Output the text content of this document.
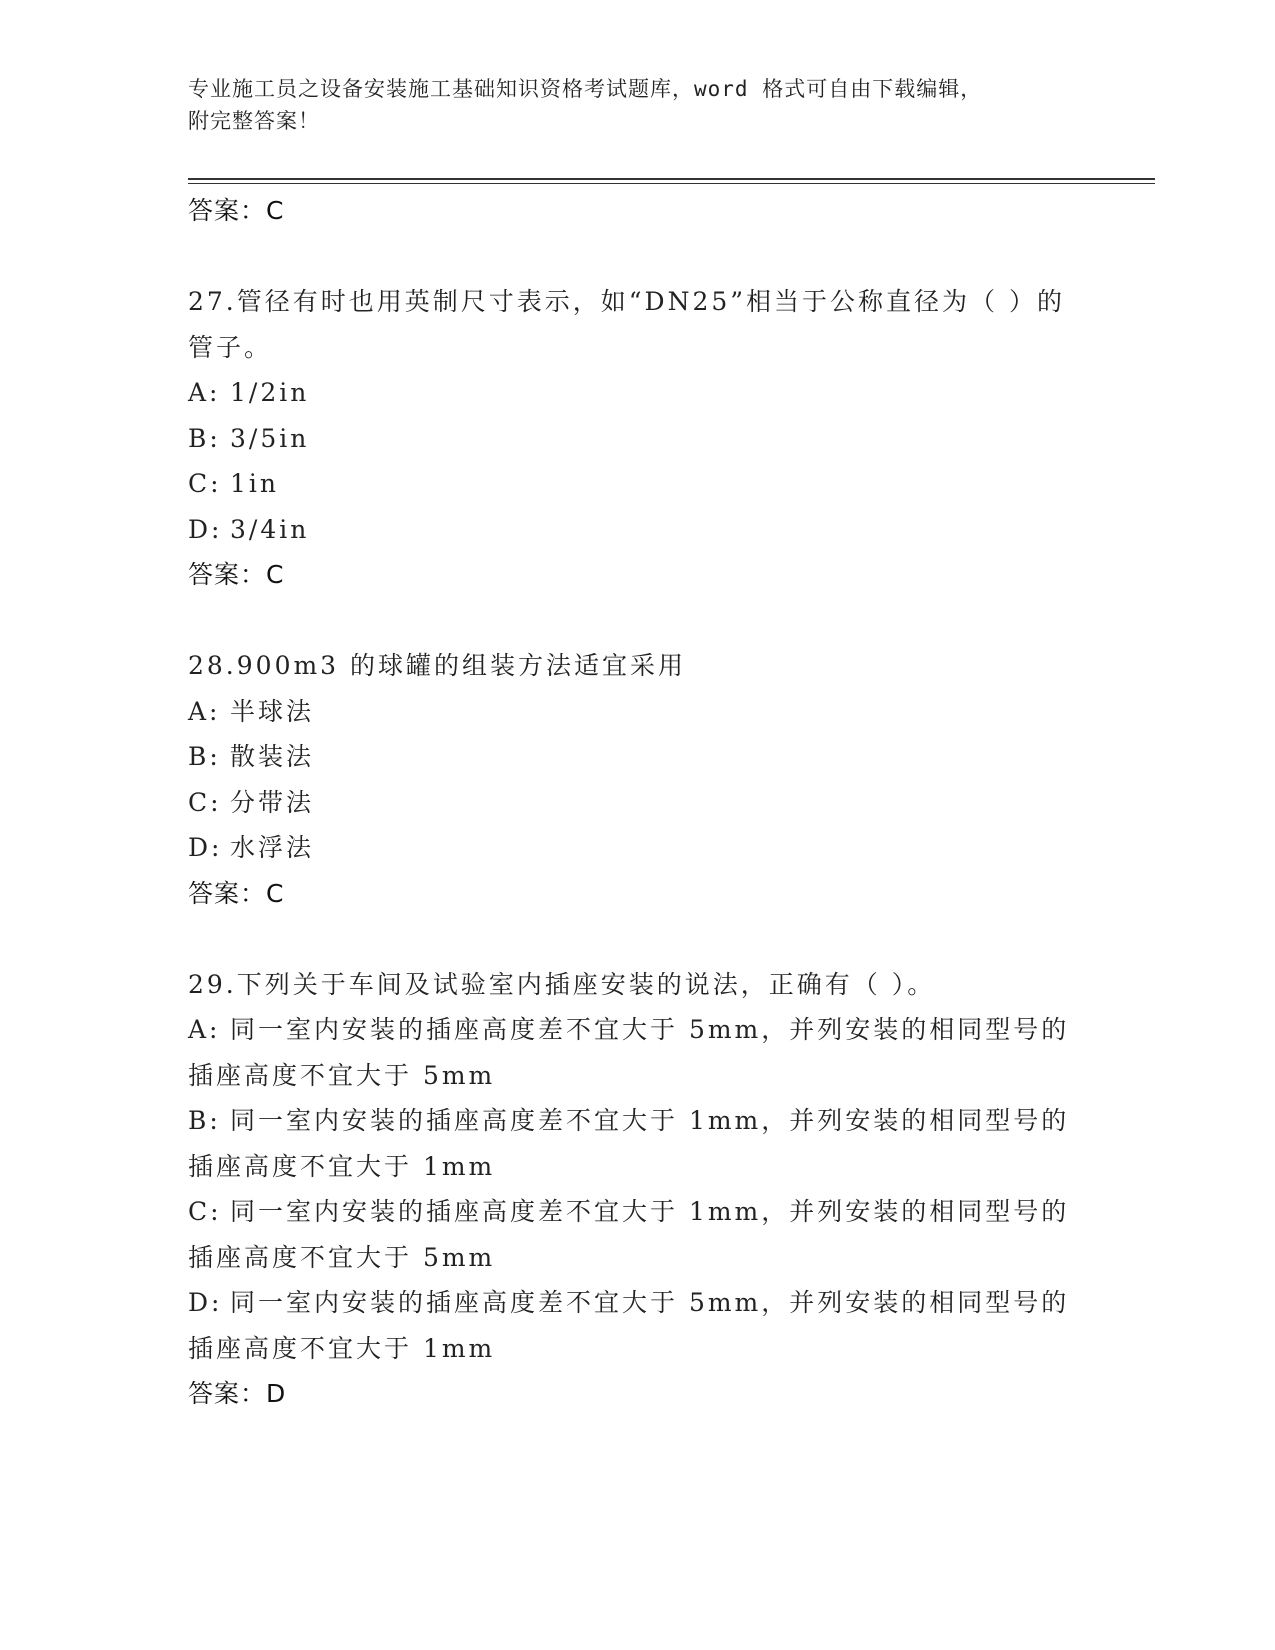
专业施工员之设备安装施工基础知识资格考试题库，word 格式可自由下载编辑，
附完整答案！
答案：C
27.管径有时也用英制尺寸表示，如“DN25”相当于公称直径为（ ）的管子。
A: 1/2in
B: 3/5in
C: 1in
D: 3/4in
答案：C
28.900m3 的球罐的组装方法适宜采用
A: 半球法
B: 散装法
C: 分带法
D: 水浮法
答案：C
29.下列关于车间及试验室内插座安装的说法，正确有（ ）。
A: 同一室内安装的插座高度差不宜大于 5mm，并列安装的相同型号的插座高度不宜大于 5mm
B: 同一室内安装的插座高度差不宜大于 1mm，并列安装的相同型号的插座高度不宜大于 1mm
C: 同一室内安装的插座高度差不宜大于 1mm，并列安装的相同型号的插座高度不宜大于 5mm
D: 同一室内安装的插座高度差不宜大于 5mm，并列安装的相同型号的插座高度不宜大于 1mm
答案：D
